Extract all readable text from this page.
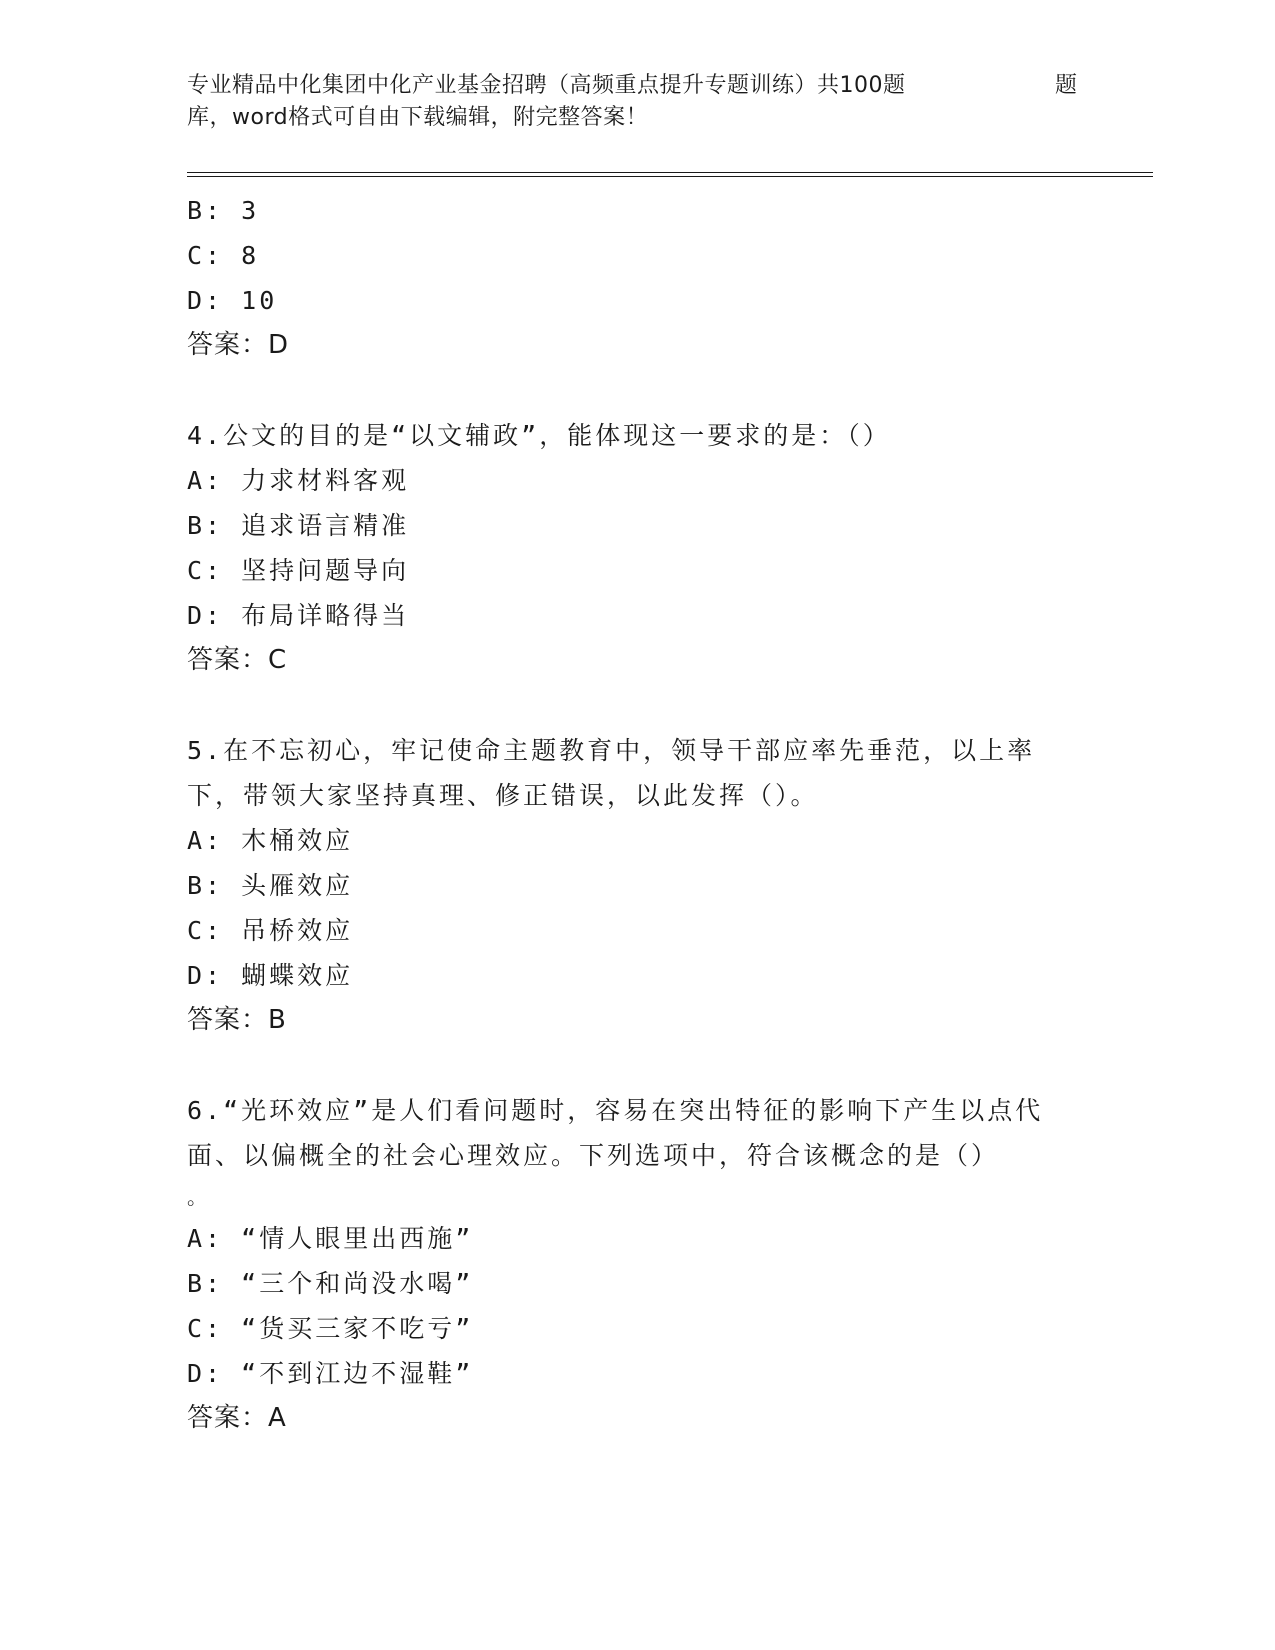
专业精品中化集团中化产业基金招聘（高频重点提升专题训练）共100题	题
库，word格式可自由下载编辑，附完整答案！
B: 3
C: 8
D: 10
答案：D
4.公文的目的是“以文辅政”，能体现这一要求的是：（）
A: 力求材料客观
B: 追求语言精准
C: 坚持问题导向
D: 布局详略得当
答案：C
5.在不忘初心，牢记使命主题教育中，领导干部应率先垂范，以上率下，带领大家坚持真理、修正错误，以此发挥（）。
A: 木桶效应
B: 头雁效应
C: 吊桥效应
D: 蝴蝶效应
答案：B
6.“光环效应”是人们看问题时，容易在突出特征的影响下产生以点代面、以偏概全的社会心理效应。下列选项中，符合该概念的是（）
。
A: “情人眼里出西施”
B: “三个和尚没水喝”
C: “货买三家不吃亏”
D: “不到江边不湿鞋”
答案：A
